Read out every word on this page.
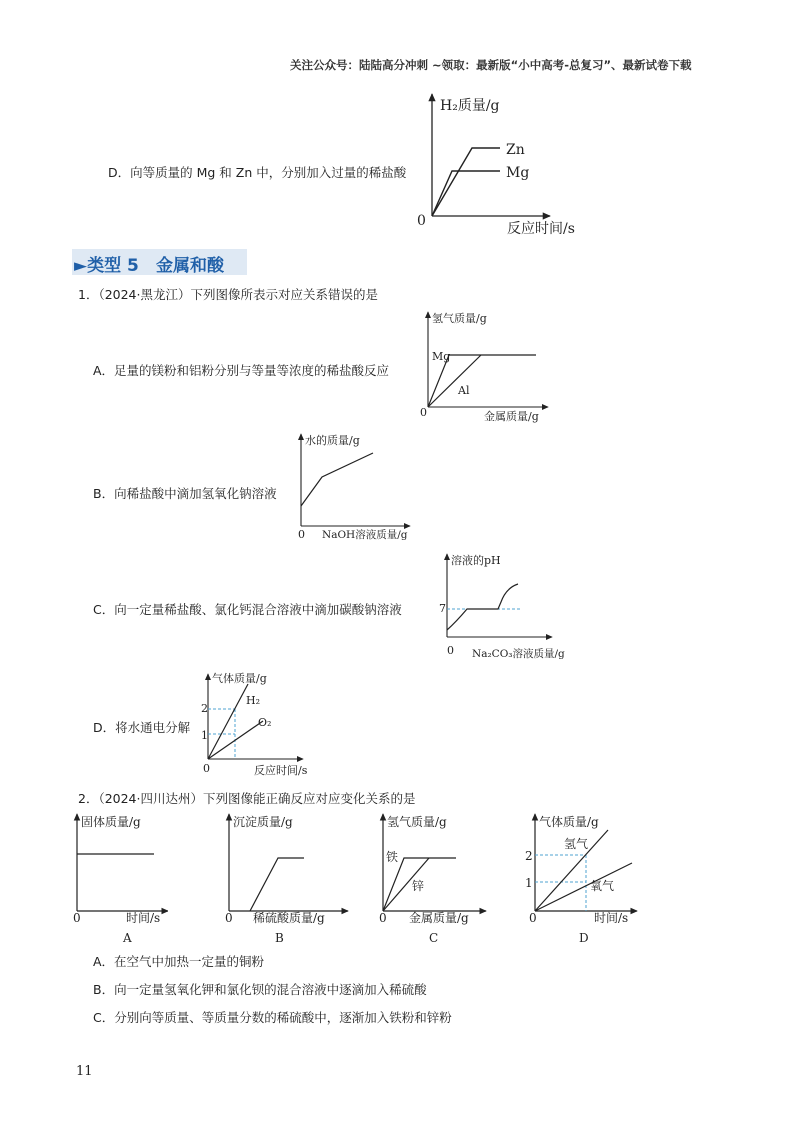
关注公众号：陆陆高分冲刺 ~领取：最新版“小中高考-总复习”、最新试卷下载
D．向等质量的 Mg 和 Zn 中，分别加入过量的稀盐酸
H₂质量/g
反应时间/s
0
Zn
Mg
►类型 5 金属和酸
1．（2024·黑龙江）下列图像所表示对应关系错误的是
A．足量的镁粉和铝粉分别与等量等浓度的稀盐酸反应
氢气质量/g
金属质量/g
0
Mg
Al
B．向稀盐酸中滴加氢氧化钠溶液
水的质量/g
NaOH溶液质量/g
0
C．向一定量稀盐酸、氯化钙混合溶液中滴加碳酸钠溶液
溶液的pH
Na₂CO₃溶液质量/g
0
7
D．将水通电分解
气体质量/g
反应时间/s
0
2
1
H₂
O₂
2．（2024·四川达州）下列图像能正确反应对应变化关系的是
固体质量/g
时间/s
0
A
沉淀质量/g
稀硫酸质量/g
0
B
氢气质量/g
金属质量/g
0
铁
锌
C
气体质量/g
时间/s
0
2
1
氢气
氧气
D
A．在空气中加热一定量的铜粉
B．向一定量氢氧化钾和氯化钡的混合溶液中逐滴加入稀硫酸
C．分别向等质量、等质量分数的稀硫酸中，逐渐加入铁粉和锌粉
11
